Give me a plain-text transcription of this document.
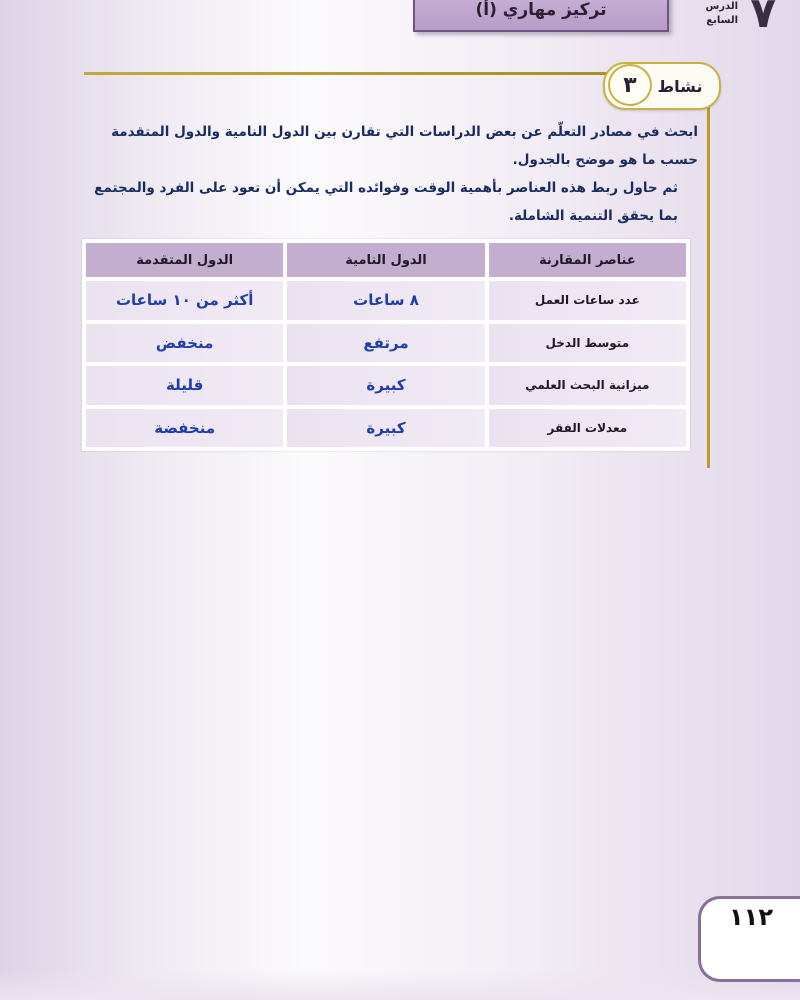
تركيز مهاري (أ)	الدرس
السابع ٧
نشاط
٣

ابحث في مصادر التعلّم عن بعض الدراسات التي تقارن بين الدول النامية والدول المتقدمة حسب ما هو موضح بالجدول.

ثم حاول ربط هذه العناصر بأهمية الوقت وفوائده التي يمكن أن تعود على الفرد والمجتمع بما يحقق التنمية الشاملة.

عناصر المقارنة	الدول النامية	الدول المتقدمة
عدد ساعات العمل	٨ ساعات	أكثر من ١٠ ساعات
متوسط الدخل	مرتفع	منخفض
ميزانية البحث العلمي	كبيرة	قليلة
معدلات الفقر	كبيرة	منخفضة
١١٢
